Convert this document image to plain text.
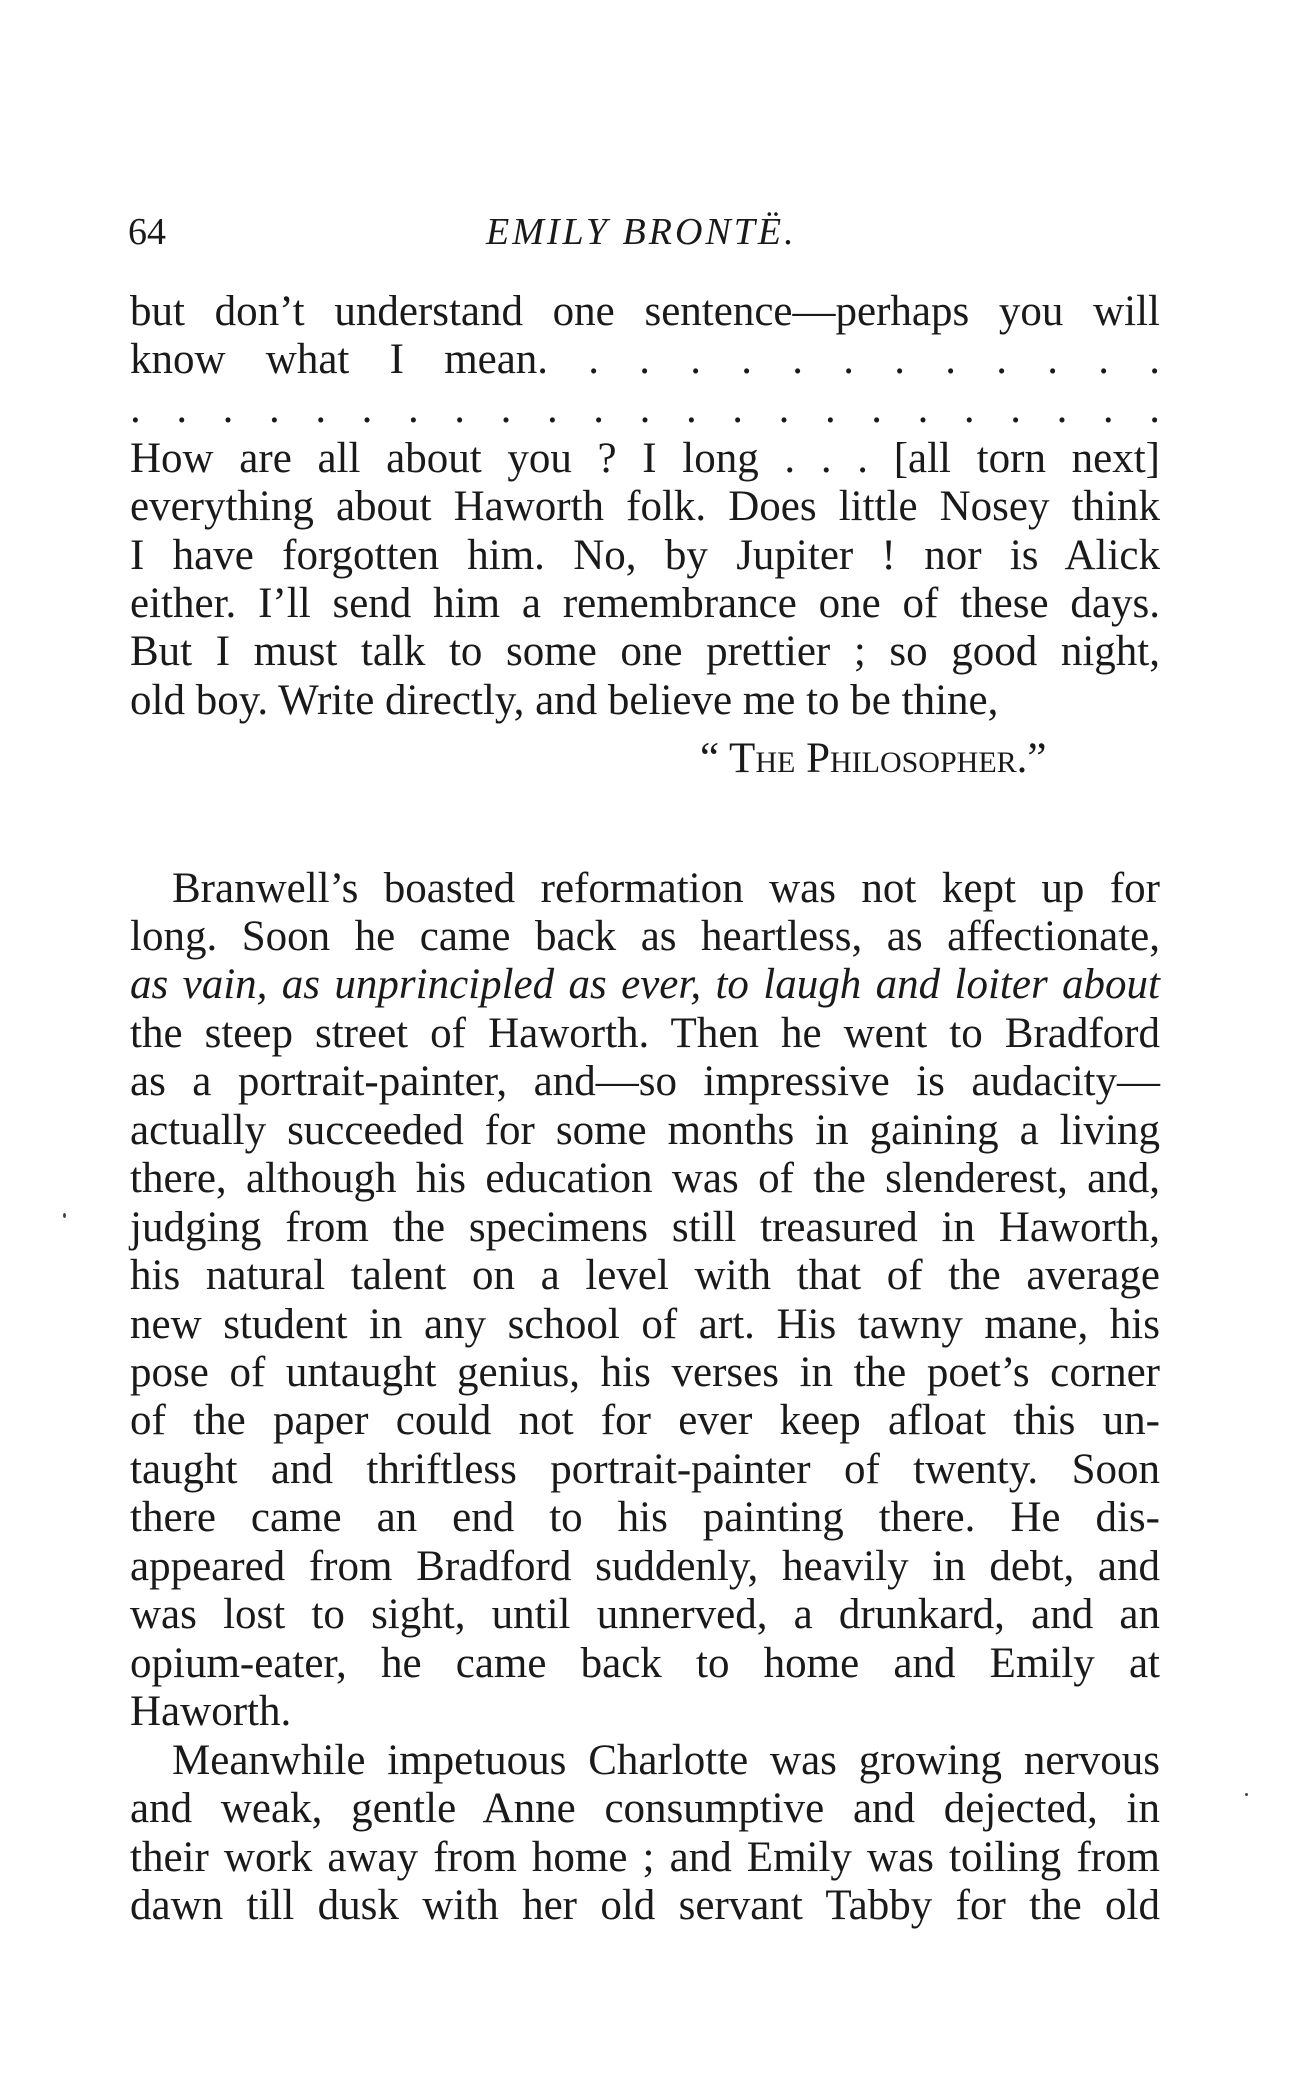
64	EMILY BRONTË.
but don’t understand one sentence—perhaps you will
know what I mean. . . . . . . . . . . . .
. . . . . . . . . . . . . . . . . . . . . . .
How are all about you ? I long . . . [all torn next]
everything about Haworth folk. Does little Nosey think
I have forgotten him. No, by Jupiter ! nor is Alick
either. I’ll send him a remembrance one of these days.
But I must talk to some one prettier ; so good night,
old boy. Write directly, and believe me to be thine,
“ The Philosopher.”
Branwell’s boasted reformation was not kept up for
long. Soon he came back as heartless, as affectionate,
as vain, as unprincipled as ever, to laugh and loiter about
the steep street of Haworth. Then he went to Bradford
as a portrait-painter, and—so impressive is audacity—
actually succeeded for some months in gaining a living
there, although his education was of the slenderest, and,
judging from the specimens still treasured in Haworth,
his natural talent on a level with that of the average
new student in any school of art. His tawny mane, his
pose of untaught genius, his verses in the poet’s corner
of the paper could not for ever keep afloat this un-
taught and thriftless portrait-painter of twenty. Soon
there came an end to his painting there. He dis-
appeared from Bradford suddenly, heavily in debt, and
was lost to sight, until unnerved, a drunkard, and an
opium-eater, he came back to home and Emily at
Haworth.
Meanwhile impetuous Charlotte was growing nervous
and weak, gentle Anne consumptive and dejected, in
their work away from home ; and Emily was toiling from
dawn till dusk with her old servant Tabby for the old
